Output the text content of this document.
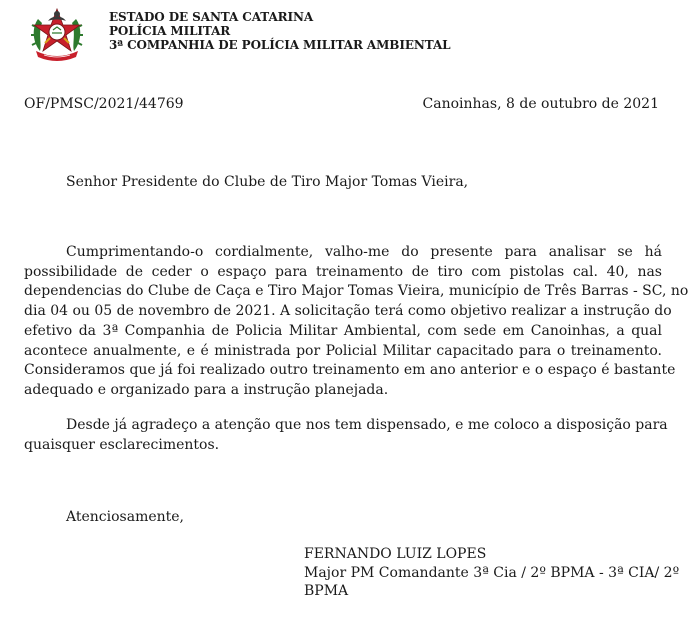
ESTADO DE SANTA CATARINA
POLÍCIA MILITAR
3ª COMPANHIA DE POLÍCIA MILITAR AMBIENTAL
OF/PMSC/2021/44769	Canoinhas, 8 de outubro de 2021
Senhor Presidente do Clube de Tiro Major Tomas Vieira,
Cumprimentando-o cordialmente, valho-me do presente para analisar se há
possibilidade de ceder o espaço para treinamento de tiro com pistolas cal. 40, nas
dependencias do Clube de Caça e Tiro Major Tomas Vieira, município de Três Barras - SC, no
dia 04 ou 05 de novembro de 2021. A solicitação terá como objetivo realizar a instrução do
efetivo da 3ª Companhia de Policia Militar Ambiental, com sede em Canoinhas, a qual
acontece anualmente, e é ministrada por Policial Militar capacitado para o treinamento.
Consideramos que já foi realizado outro treinamento em ano anterior e o espaço é bastante
adequado e organizado para a instrução planejada.
Desde já agradeço a atenção que nos tem dispensado, e me coloco a disposição para
quaisquer esclarecimentos.
Atenciosamente,
FERNANDO LUIZ LOPES
Major PM Comandante 3ª Cia / 2º BPMA - 3ª CIA/ 2º
BPMA
